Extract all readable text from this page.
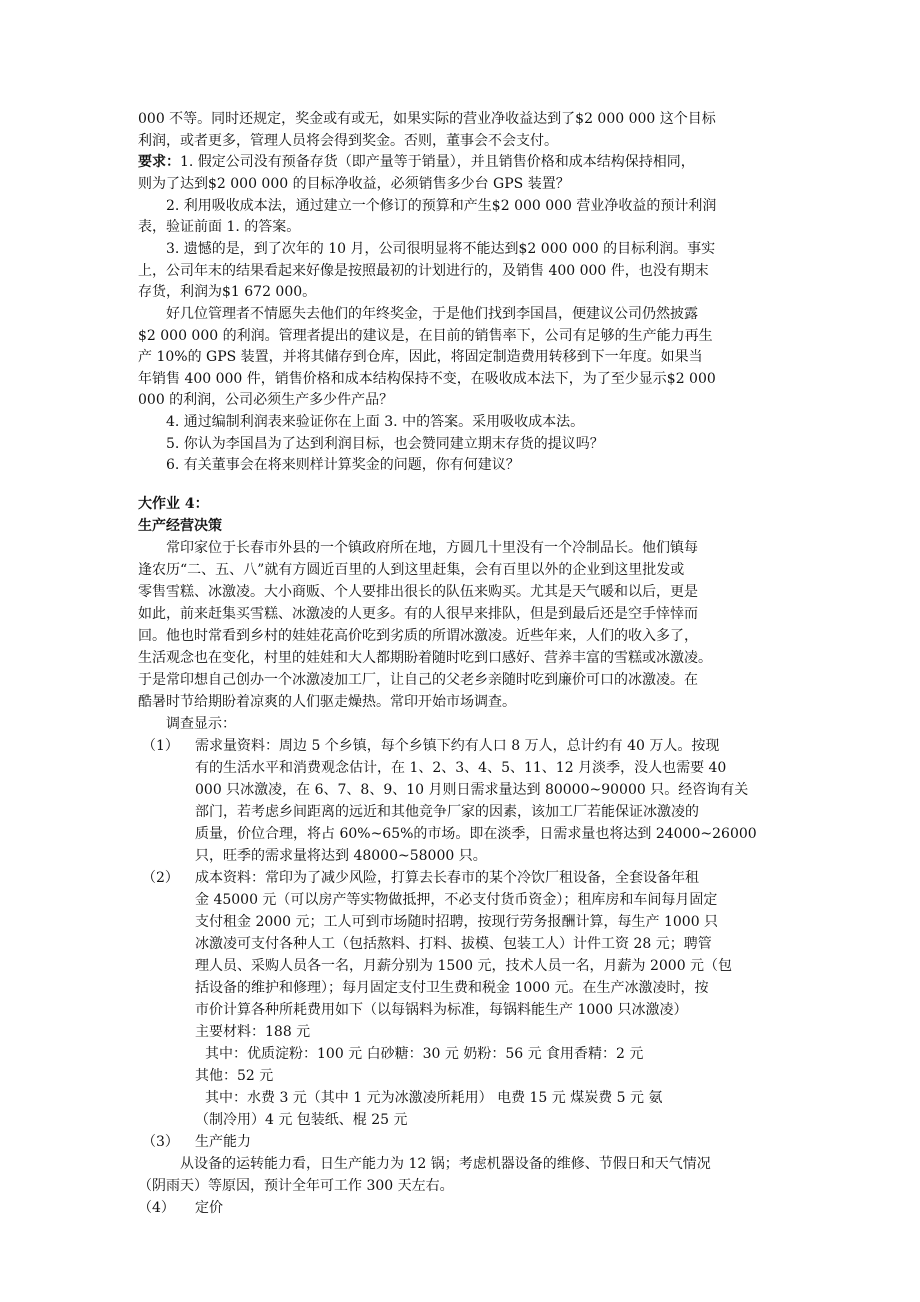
000 不等。同时还规定，奖金或有或无，如果实际的营业净收益达到了$2 000 000 这个目标
利润，或者更多，管理人员将会得到奖金。否则，董事会不会支付。
要求：1. 假定公司没有预备存货（即产量等于销量），并且销售价格和成本结构保持相同，
则为了达到$2 000 000 的目标净收益，必须销售多少台 GPS 装置？
2. 利用吸收成本法，通过建立一个修订的预算和产生$2 000 000 营业净收益的预计利润
表，验证前面 1. 的答案。
3. 遗憾的是，到了次年的 10 月，公司很明显将不能达到$2 000 000 的目标利润。事实
上，公司年末的结果看起来好像是按照最初的计划进行的，及销售 400 000 件，也没有期末
存货，利润为$1 672 000。
好几位管理者不情愿失去他们的年终奖金，于是他们找到李国昌，便建议公司仍然披露
$2 000 000 的利润。管理者提出的建议是，在目前的销售率下，公司有足够的生产能力再生
产 10%的 GPS 装置，并将其储存到仓库，因此，将固定制造费用转移到下一年度。如果当
年销售 400 000 件，销售价格和成本结构保持不变，在吸收成本法下，为了至少显示$2 000
000 的利润，公司必须生产多少件产品？
4. 通过编制利润表来验证你在上面 3. 中的答案。采用吸收成本法。
5. 你认为李国昌为了达到利润目标，也会赞同建立期末存货的提议吗？
6. 有关董事会在将来则样计算奖金的问题，你有何建议？
大作业 4：
生产经营决策
常印家位于长春市外县的一个镇政府所在地，方圆几十里没有一个冷制品长。他们镇每
逢农历“二、五、八”就有方圆近百里的人到这里赶集，会有百里以外的企业到这里批发或
零售雪糕、冰激凌。大小商贩、个人要排出很长的队伍来购买。尤其是天气暖和以后，更是
如此，前来赶集买雪糕、冰激凌的人更多。有的人很早来排队，但是到最后还是空手悻悻而
回。他也时常看到乡村的娃娃花高价吃到劣质的所谓冰激凌。近些年来，人们的收入多了，
生活观念也在变化，村里的娃娃和大人都期盼着随时吃到口感好、营养丰富的雪糕或冰激凌。
于是常印想自己创办一个冰激凌加工厂，让自己的父老乡亲随时吃到廉价可口的冰激凌。在
酷暑时节给期盼着凉爽的人们驱走燥热。常印开始市场调查。
调查显示：
（1） 需求量资料：周边 5 个乡镇，每个乡镇下约有人口 8 万人，总计约有 40 万人。按现
有的生活水平和消费观念估计，在 1、2、3、4、5、11、12 月淡季，没人也需要 40
000 只冰激凌，在 6、7、8、9、10 月则日需求量达到 80000~90000 只。经咨询有关
部门，若考虑乡间距离的远近和其他竞争厂家的因素，该加工厂若能保证冰激凌的
质量，价位合理，将占 60%~65%的市场。即在淡季，日需求量也将达到 24000~26000
只，旺季的需求量将达到 48000~58000 只。
（2） 成本资料：常印为了减少风险，打算去长春市的某个冷饮厂租设备，全套设备年租
金 45000 元（可以房产等实物做抵押，不必支付货币资金）；租库房和车间每月固定
支付租金 2000 元；工人可到市场随时招聘，按现行劳务报酬计算，每生产 1000 只
冰激凌可支付各种人工（包括熬料、打料、拔模、包装工人）计件工资 28 元；聘管
理人员、采购人员各一名，月薪分别为 1500 元，技术人员一名，月薪为 2000 元（包
括设备的维护和修理）；每月固定支付卫生费和税金 1000 元。在生产冰激凌时，按
市价计算各种所耗费用如下（以每锅料为标准，每锅料能生产 1000 只冰激凌）
主要材料：188 元
其中：优质淀粉：100 元 白砂糖：30 元 奶粉：56 元 食用香精：2 元
其他：52 元
其中：水费 3 元（其中 1 元为冰激凌所耗用） 电费 15 元 煤炭费 5 元 氨
（制冷用）4 元 包装纸、棍 25 元
（3） 生产能力
从设备的运转能力看，日生产能力为 12 锅；考虑机器设备的维修、节假日和天气情况
（阴雨天）等原因，预计全年可工作 300 天左右。
（4） 定价
